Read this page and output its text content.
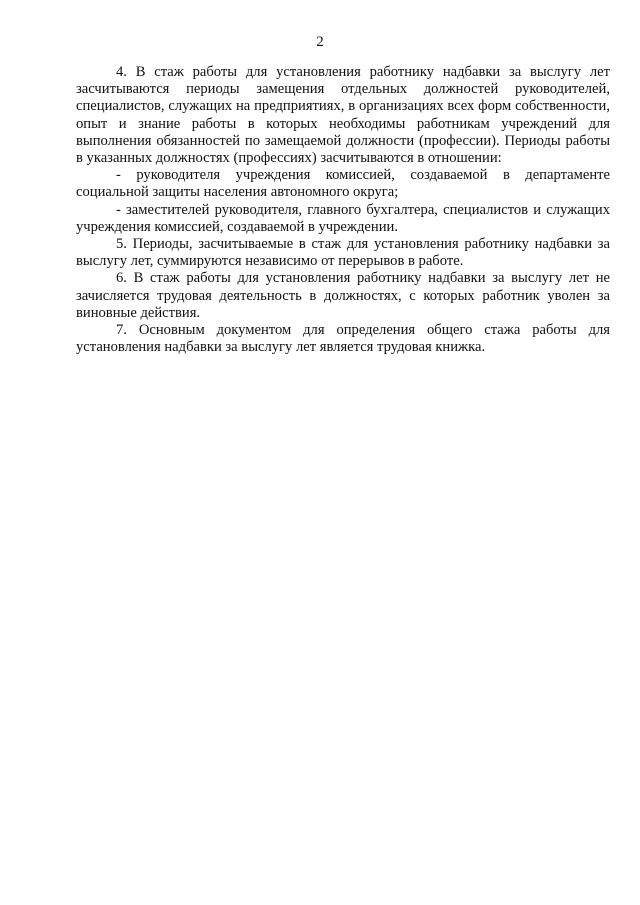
2

4. В стаж работы для установления работнику надбавки за выслугу лет засчитываются периоды замещения отдельных должностей руководителей, специалистов, служащих на предприятиях, в организациях всех форм собственности, опыт и знание работы в которых необходимы работникам учреждений для выполнения обязанностей по замещаемой должности (профессии). Периоды работы в указанных должностях (профессиях) засчитываются в отношении:

- руководителя учреждения комиссией, создаваемой в департаменте социальной защиты населения автономного округа;

- заместителей руководителя, главного бухгалтера, специалистов и служащих учреждения комиссией, создаваемой в учреждении.

5. Периоды, засчитываемые в стаж для установления работнику надбавки за выслугу лет, суммируются независимо от перерывов в работе.

6. В стаж работы для установления работнику надбавки за выслугу лет не зачисляется трудовая деятельность в должностях, с которых работник уволен за виновные действия.

7. Основным документом для определения общего стажа работы для установления надбавки за выслугу лет является трудовая книжка.
